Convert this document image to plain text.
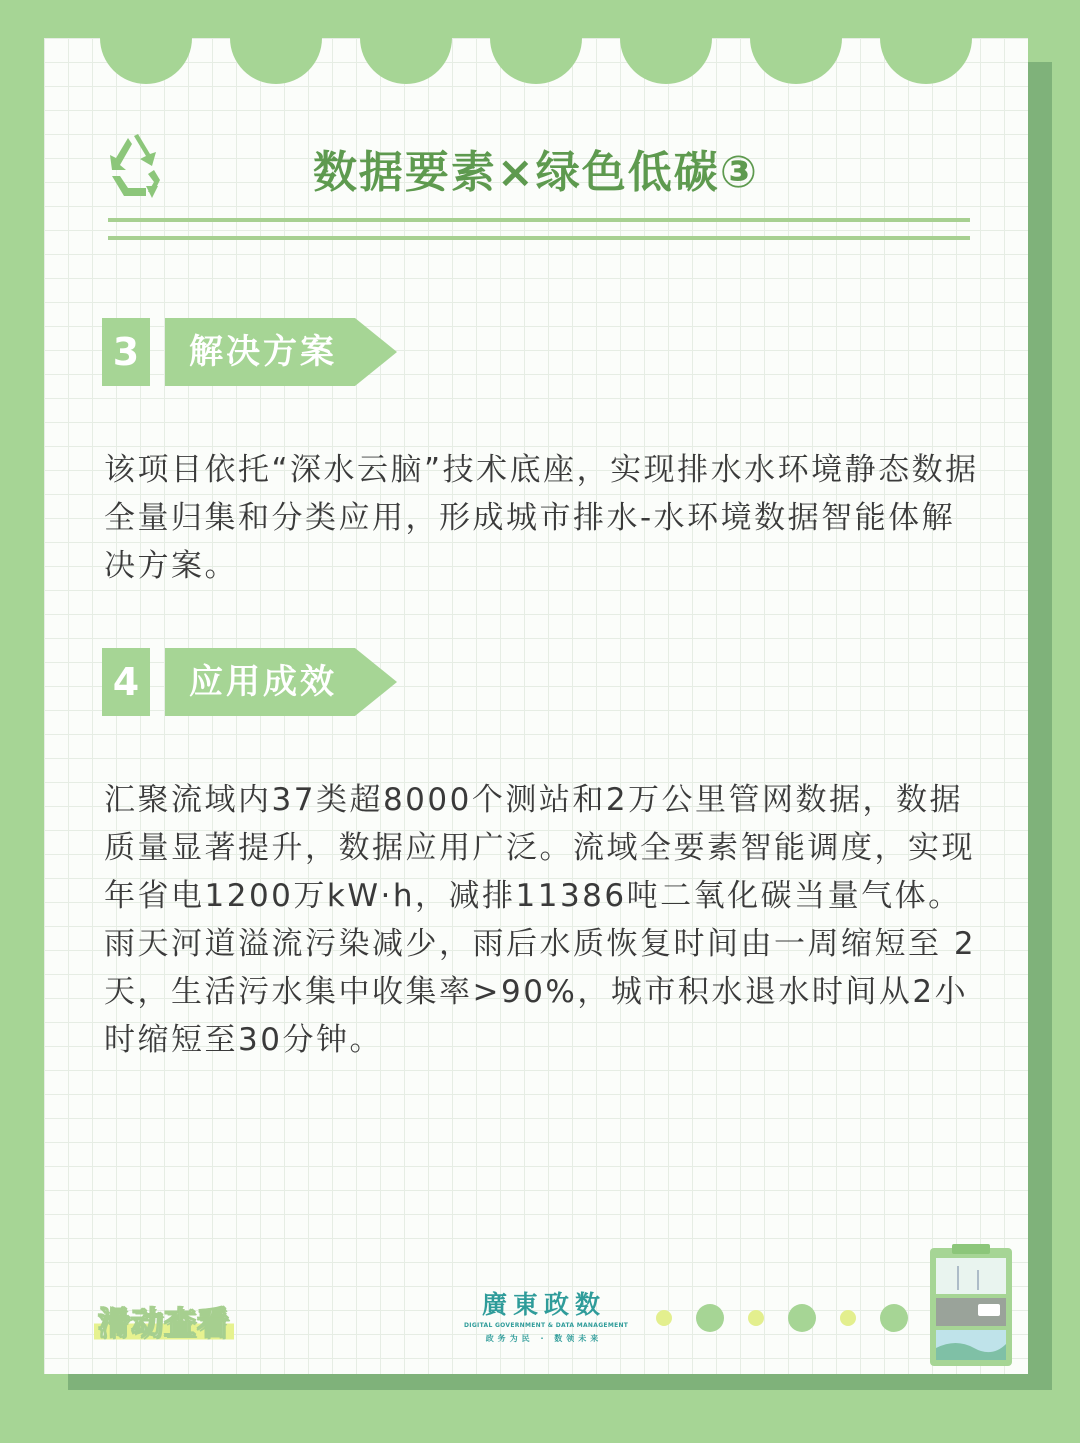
数据要素×绿色低碳③
3	解决方案

该项目依托“深水云脑”技术底座，实现排水水环境静态数据全量归集和分类应用，形成城市排水-水环境数据智能体解决方案。

4	应用成效

汇聚流域内37类超8000个测站和2万公里管网数据，数据质量显著提升，数据应用广泛。流域全要素智能调度，实现年省电1200万kW·h，减排11386吨二氧化碳当量气体。雨天河道溢流污染减少，雨后水质恢复时间由一周缩短至 2 天，生活污水集中收集率>90%，城市积水退水时间从2小时缩短至30分钟。

滑动查看	廣東政数
DIGITAL GOVERNMENT & DATA MANAGEMENT
政务为民 · 数领未来
